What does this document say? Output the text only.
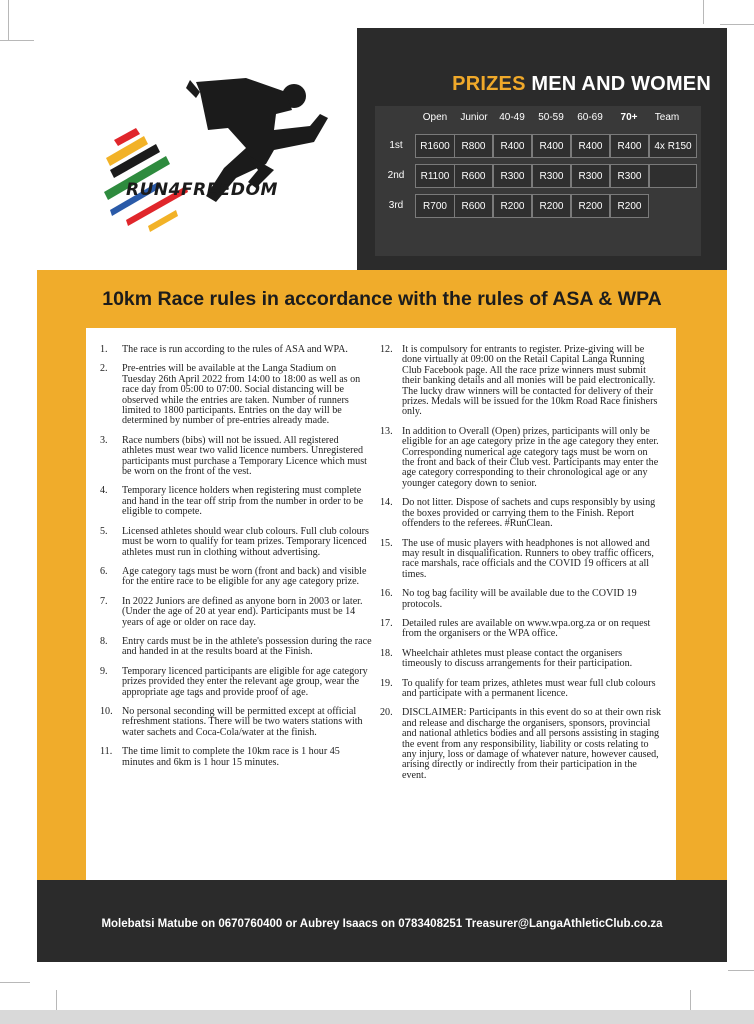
RUN4FREEDOM
PRIZES MEN AND WOMEN
Open	Junior	40-49	50-59	60-69	70+	Team
1st	R1600	R800	R400	R400	R400	R400	4x R150
2nd	R1100	R600	R300	R300	R300	R300
3rd	R700	R600	R200	R200	R200	R200
10km Race rules in accordance with the rules of ASA & WPA
1.	The race is run according to the rules of ASA and WPA.
2.	Pre-entries will be available at the Langa Stadium on Tuesday 26th April 2022 from 14:00 to 18:00 as well as on race day from 05:00 to 07:00. Social distancing will be observed while the entries are taken. Number of runners limited to 1800 participants. Entries on the day will be determined by number of pre-entries already made.
3.	Race numbers (bibs) will not be issued. All registered athletes must wear two valid licence numbers. Unregistered participants must purchase a Temporary Licence which must be worn on the front of the vest.
4.	Temporary licence holders when registering must complete and hand in the tear off strip from the number in order to be eligible to compete.
5.	Licensed athletes should wear club colours. Full club colours must be worn to qualify for team prizes. Temporary licenced athletes must run in clothing without advertising.
6.	Age category tags must be worn (front and back) and visible for the entire race to be eligible for any age category prize.
7.	In 2022 Juniors are defined as anyone born in 2003 or later. (Under the age of 20 at year end). Participants must be 14 years of age or older on race day.
8.	Entry cards must be in the athlete's possession during the race and handed in at the results board at the Finish.
9.	Temporary licenced participants are eligible for age category prizes provided they enter the relevant age group, wear the appropriate age tags and provide proof of age.
10. No personal seconding will be permitted except at official refreshment stations. There will be two waters stations with water sachets and Coca-Cola/water at the finish.
11. The time limit to complete the 10km race is 1 hour 45 minutes and 6km is 1 hour 15 minutes.
12. It is compulsory for entrants to register. Prize-giving will be done virtually at 09:00 on the Retail Capital Langa Running Club Facebook page. All the race prize winners must submit their banking details and all monies will be paid electronically. The lucky draw winners will be contacted for delivery of their prizes. Medals will be issued for the 10km Road Race finishers only.
13. In addition to Overall (Open) prizes, participants will only be eligible for an age category prize in the age category they enter. Corresponding numerical age category tags must be worn on the front and back of their Club vest. Participants may enter the age category corresponding to their chronological age or any younger category down to senior.
14. Do not litter. Dispose of sachets and cups responsibly by using the boxes provided or carrying them to the Finish. Report offenders to the referees. #RunClean.
15. The use of music players with headphones is not allowed and may result in disqualification. Runners to obey traffic officers, race marshals, race officials and the COVID 19 officers at all times.
16. No tog bag facility will be available due to the COVID 19 protocols.
17. Detailed rules are available on www.wpa.org.za or on request from the organisers or the WPA office.
18. Wheelchair athletes must please contact the organisers timeously to discuss arrangements for their participation.
19. To qualify for team prizes, athletes must wear full club colours and participate with a permanent licence.
20. DISCLAIMER: Participants in this event do so at their own risk and release and discharge the organisers, sponsors, provincial and national athletics bodies and all persons assisting in staging the event from any responsibility, liability or costs relating to any injury, loss or damage of whatever nature, however caused, arising directly or indirectly from their participation in the event.
Molebatsi Matube on 0670760400 or Aubrey Isaacs on 0783408251 Treasurer@LangaAthleticClub.co.za
